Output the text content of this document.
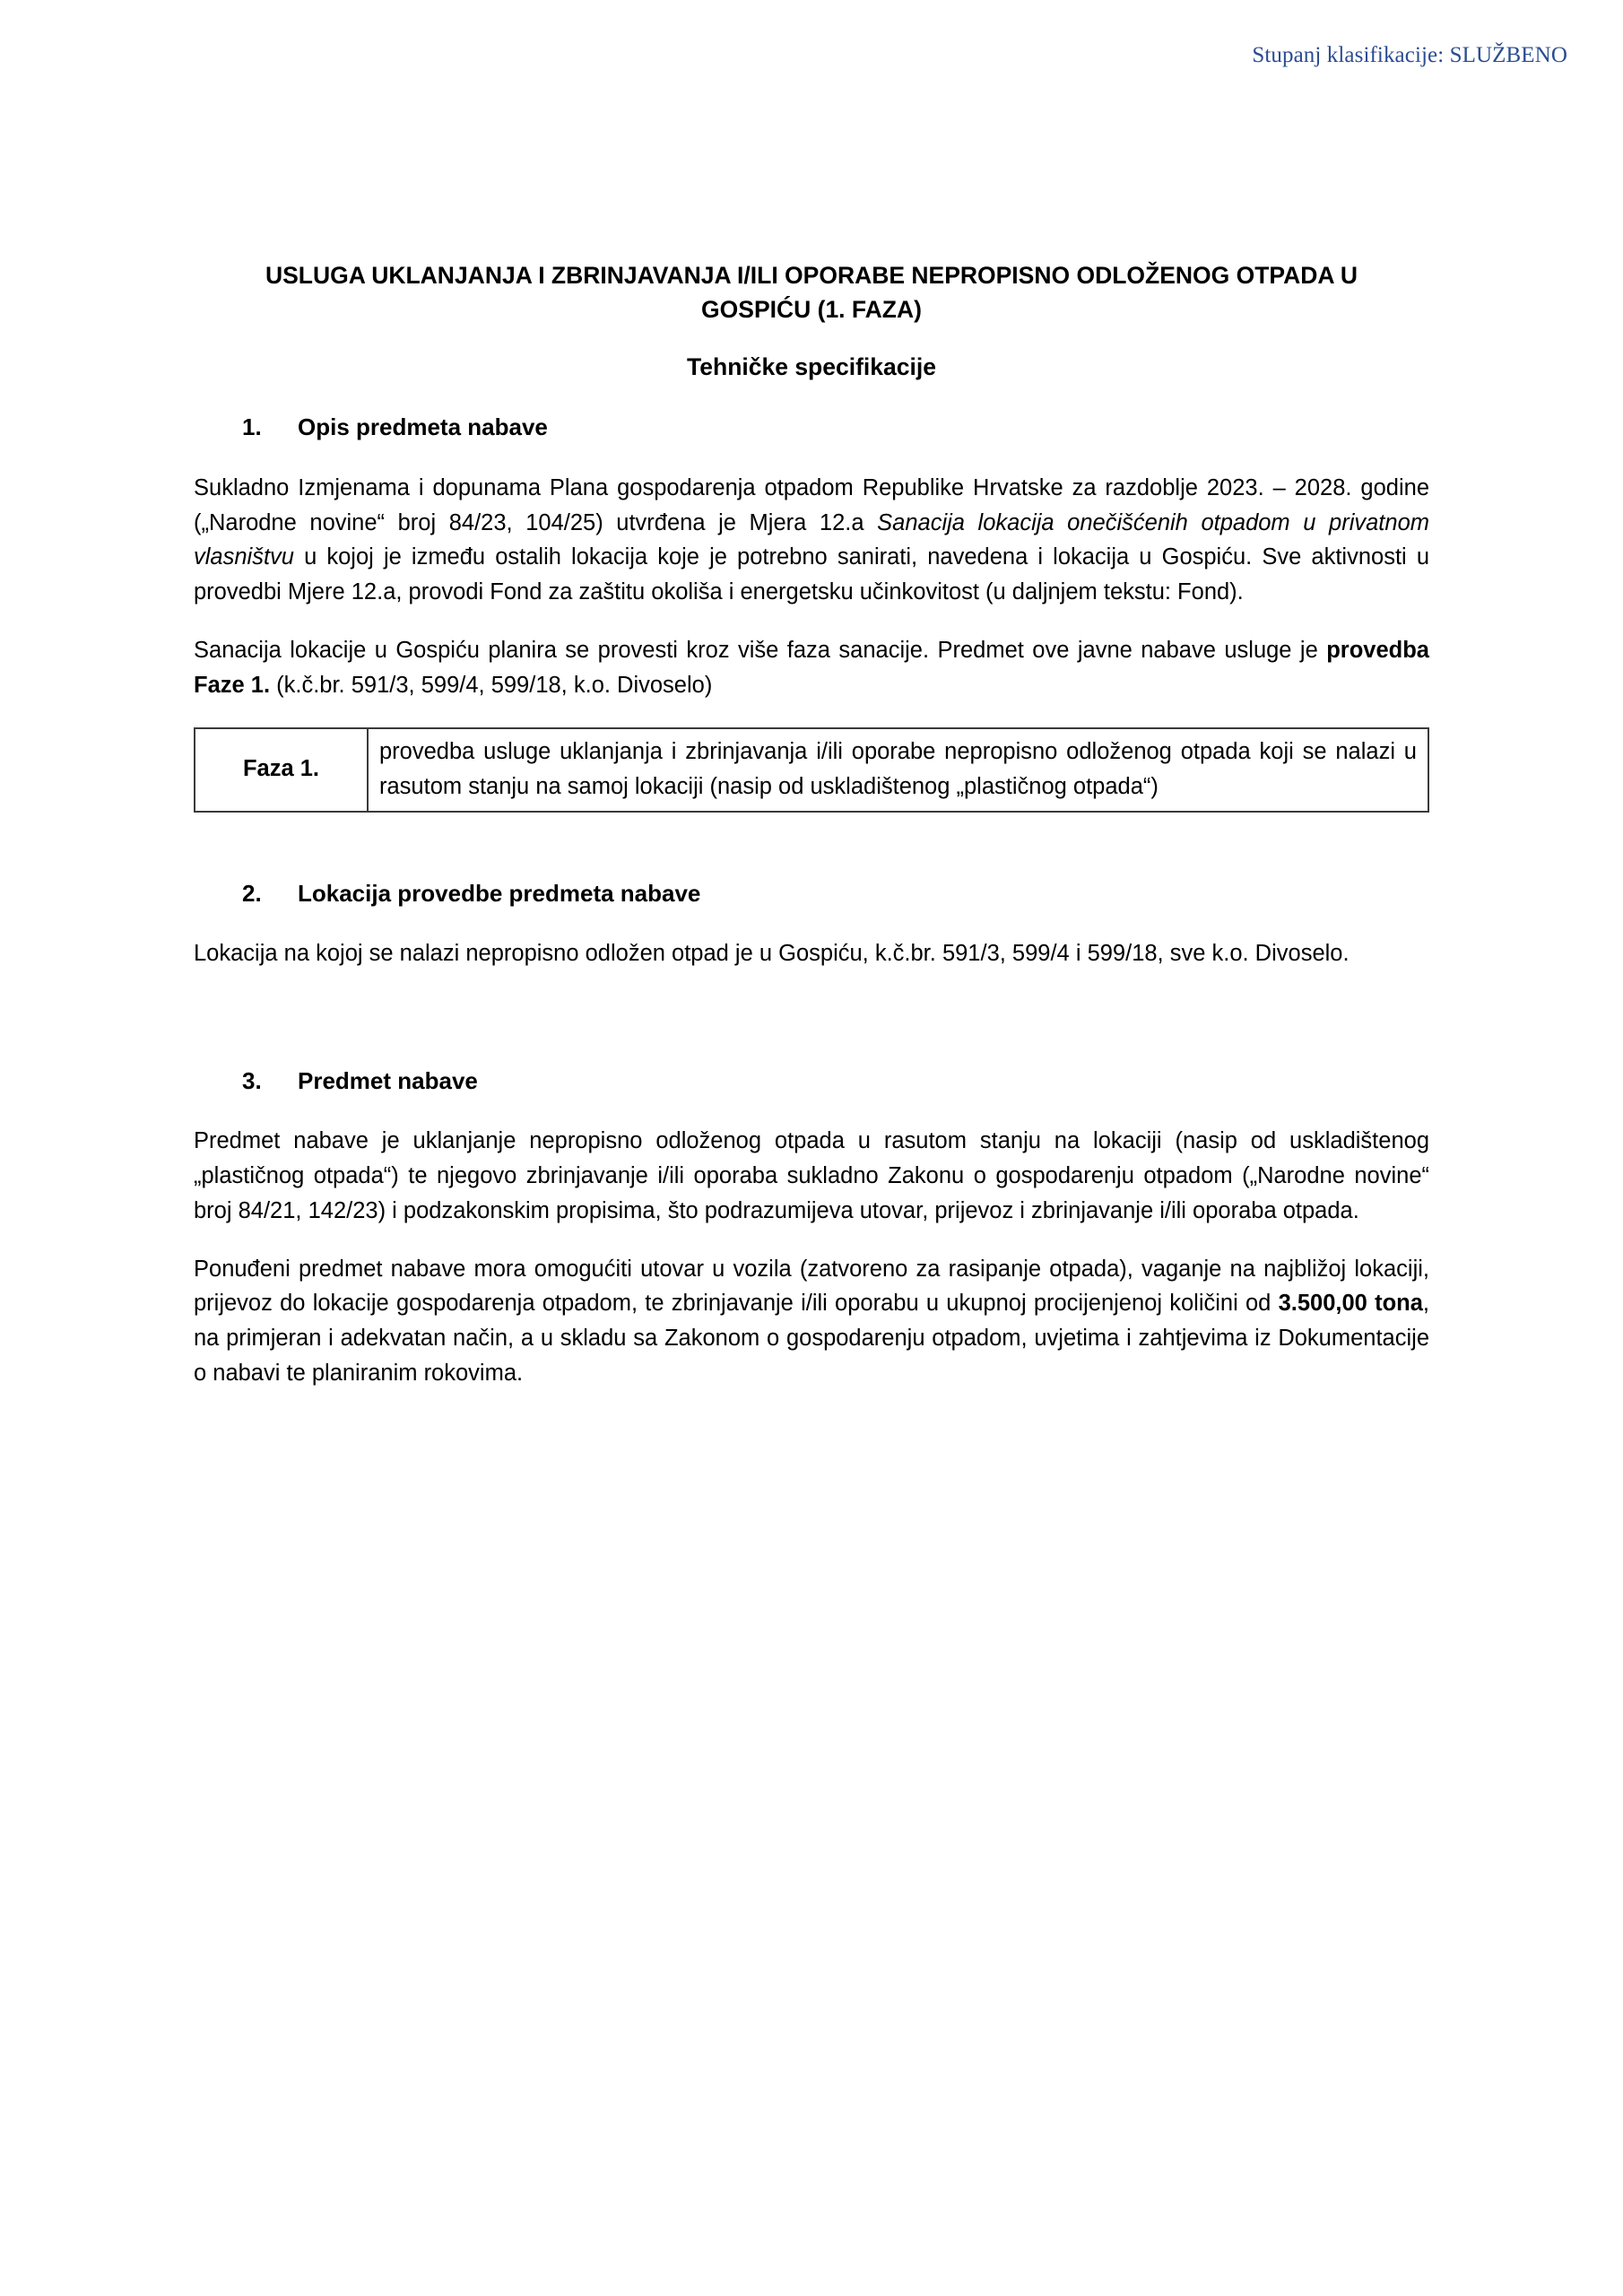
Stupanj klasifikacije: SLUŽBENO
USLUGA UKLANJANJA I ZBRINJAVANJA I/ILI OPORABE NEPROPISNO ODLOŽENOG OTPADA U GOSPIĆU (1. FAZA)
Tehničke specifikacije
1.	Opis predmeta nabave

Sukladno Izmjenama i dopunama Plana gospodarenja otpadom Republike Hrvatske za razdoblje 2023. – 2028. godine („Narodne novine“ broj 84/23, 104/25) utvrđena je Mjera 12.a Sanacija lokacija onečišćenih otpadom u privatnom vlasništvu u kojoj je između ostalih lokacija koje je potrebno sanirati, navedena i lokacija u Gospiću. Sve aktivnosti u provedbi Mjere 12.a, provodi Fond za zaštitu okoliša i energetsku učinkovitost (u daljnjem tekstu: Fond).

Sanacija lokacije u Gospiću planira se provesti kroz više faza sanacije. Predmet ove javne nabave usluge je provedba Faze 1. (k.č.br. 591/3, 599/4, 599/18, k.o. Divoselo)

Faza 1.	provedba usluge uklanjanja i zbrinjavanja i/ili oporabe nepropisno odloženog otpada koji se nalazi u rasutom stanju na samoj lokaciji (nasip od uskladištenog „plastičnog otpada“)
2.	Lokacija provedbe predmeta nabave

Lokacija na kojoj se nalazi nepropisno odložen otpad je u Gospiću, k.č.br. 591/3, 599/4 i 599/18, sve k.o. Divoselo.

3.	Predmet nabave

Predmet nabave je uklanjanje nepropisno odloženog otpada u rasutom stanju na lokaciji (nasip od uskladištenog „plastičnog otpada“) te njegovo zbrinjavanje i/ili oporaba sukladno Zakonu o gospodarenju otpadom („Narodne novine“ broj 84/21, 142/23) i podzakonskim propisima, što podrazumijeva utovar, prijevoz i zbrinjavanje i/ili oporaba otpada.

Ponuđeni predmet nabave mora omogućiti utovar u vozila (zatvoreno za rasipanje otpada), vaganje na najbližoj lokaciji, prijevoz do lokacije gospodarenja otpadom, te zbrinjavanje i/ili oporabu u ukupnoj procijenjenoj količini od 3.500,00 tona, na primjeran i adekvatan način, a u skladu sa Zakonom o gospodarenju otpadom, uvjetima i zahtjevima iz Dokumentacije o nabavi te planiranim rokovima.
